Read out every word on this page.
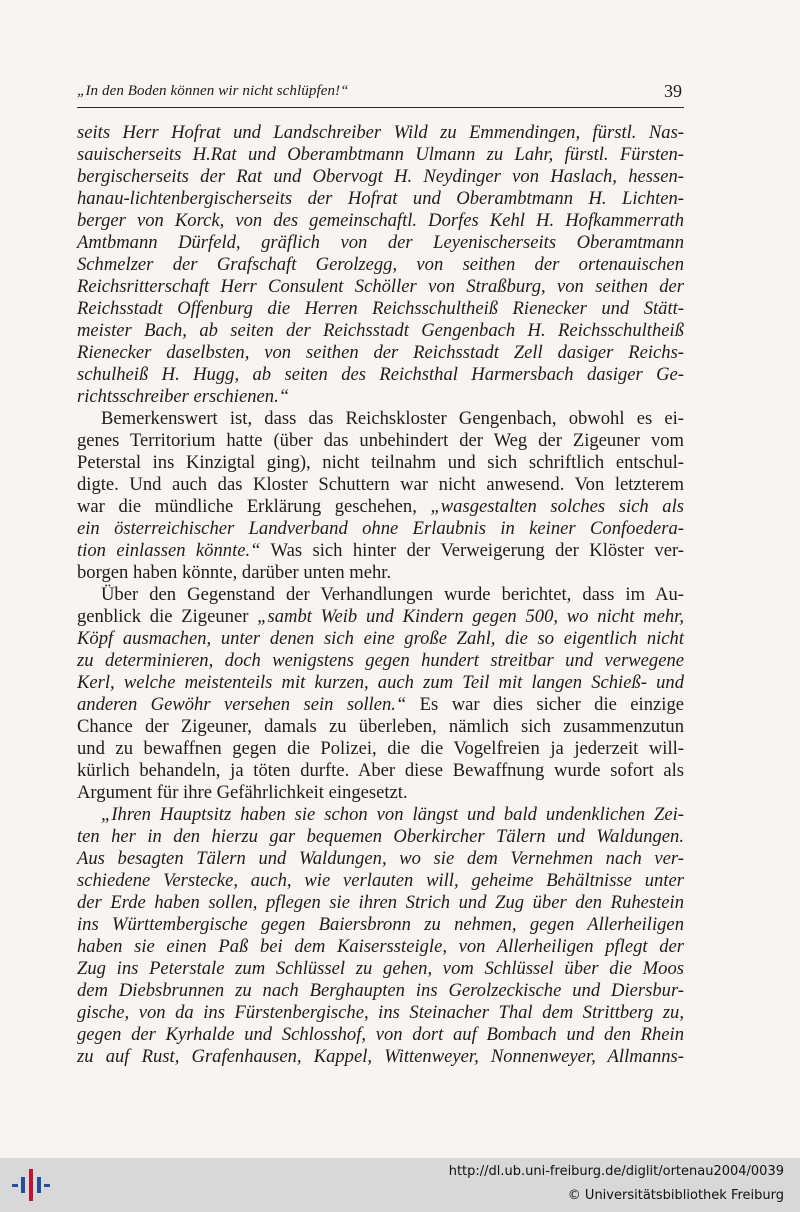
„In den Boden können wir nicht schlüpfen!“	39
seits Herr Hofrat und Landschreiber Wild zu Emmendingen, fürstl. Nas-
sauischerseits H.Rat und Oberambtmann Ulmann zu Lahr, fürstl. Fürsten-
bergischerseits der Rat und Obervogt H. Neydinger von Haslach, hessen-
hanau-lichtenbergischerseits der Hofrat und Oberambtmann H. Lichten-
berger von Korck, von des gemeinschaftl. Dorfes Kehl H. Hofkammerrath
Amtbmann Dürfeld, gräflich von der Leyenischerseits Oberamtmann
Schmelzer der Grafschaft Gerolzegg, von seithen der ortenauischen
Reichsritterschaft Herr Consulent Schöller von Straßburg, von seithen der
Reichsstadt Offenburg die Herren Reichsschultheiß Rienecker und Stätt-
meister Bach, ab seiten der Reichsstadt Gengenbach H. Reichsschultheiß
Rienecker daselbsten, von seithen der Reichsstadt Zell dasiger Reichs-
schulheiß H. Hugg, ab seiten des Reichsthal Harmersbach dasiger Ge-
richtsschreiber erschienen.“
Bemerkenswert ist, dass das Reichskloster Gengenbach, obwohl es ei-
genes Territorium hatte (über das unbehindert der Weg der Zigeuner vom
Peterstal ins Kinzigtal ging), nicht teilnahm und sich schriftlich entschul-
digte. Und auch das Kloster Schuttern war nicht anwesend. Von letzterem
war die mündliche Erklärung geschehen, „wasgestalten solches sich als
ein österreichischer Landverband ohne Erlaubnis in keiner Confoedera-
tion einlassen könnte.“ Was sich hinter der Verweigerung der Klöster ver-
borgen haben könnte, darüber unten mehr.
Über den Gegenstand der Verhandlungen wurde berichtet, dass im Au-
genblick die Zigeuner „sambt Weib und Kindern gegen 500, wo nicht mehr,
Köpf ausmachen, unter denen sich eine große Zahl, die so eigentlich nicht
zu determinieren, doch wenigstens gegen hundert streitbar und verwegene
Kerl, welche meistenteils mit kurzen, auch zum Teil mit langen Schieß- und
anderen Gewöhr versehen sein sollen.“ Es war dies sicher die einzige
Chance der Zigeuner, damals zu überleben, nämlich sich zusammenzutun
und zu bewaffnen gegen die Polizei, die die Vogelfreien ja jederzeit will-
kürlich behandeln, ja töten durfte. Aber diese Bewaffnung wurde sofort als
Argument für ihre Gefährlichkeit eingesetzt.
„Ihren Hauptsitz haben sie schon von längst und bald undenklichen Zei-
ten her in den hierzu gar bequemen Oberkircher Tälern und Waldungen.
Aus besagten Tälern und Waldungen, wo sie dem Vernehmen nach ver-
schiedene Verstecke, auch, wie verlauten will, geheime Behältnisse unter
der Erde haben sollen, pflegen sie ihren Strich und Zug über den Ruhestein
ins Württembergische gegen Baiersbronn zu nehmen, gegen Allerheiligen
haben sie einen Paß bei dem Kaiserssteigle, von Allerheiligen pflegt der
Zug ins Peterstale zum Schlüssel zu gehen, vom Schlüssel über die Moos
dem Diebsbrunnen zu nach Berghaupten ins Gerolzeckische und Diersbur-
gische, von da ins Fürstenbergische, ins Steinacher Thal dem Strittberg zu,
gegen der Kyrhalde und Schlosshof, von dort auf Bombach und den Rhein
zu auf Rust, Grafenhausen, Kappel, Wittenweyer, Nonnenweyer, Allmanns-
http://dl.ub.uni-freiburg.de/diglit/ortenau2004/0039
© Universitätsbibliothek Freiburg
